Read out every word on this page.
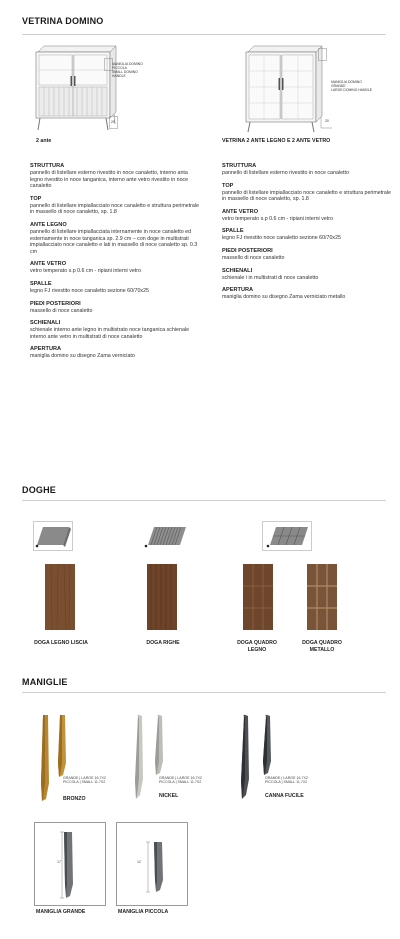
VETRINA DOMINO
MANIGLIA DOMINO
PICCOLA
SMALL DOMINO HANDLE
20
2 ante
MANIGLIA DOMINO
GRANDE
LARGE DOMINO HANDLE
20
VETRINA 2 ANTE LEGNO E 2 ANTE VETRO
STRUTTURA
pannello di listellare esterno rivestito in noce canaletto, interno anta legno rivestito in noce tanganica, interno ante vetro rivestito in noce canaletto
TOP
pannello di listellare impiallacciato noce canaletto e struttura perimetrale in massello di noce canaletto, sp. 1.8
ANTE LEGNO
pannello di listellare impiallacciata internamente in noce canaletto ed esternamente in noce tanganica sp. 2.9 cm – con doge in multistrati impiallacciato noce canaletto e lati in massello di noce canaletto sp. 0.3 cm
ANTE VETRO
vetro temperato s.p 0.6 cm - ripiani interni vetro
SPALLE
legno FJ rivestito noce canaletto sezione 60/70x25
PIEDI POSTERIORI
massello di noce canaletto
SCHIENALI
schienale interno ante legno in multistrato noce tanganica schienale interno ante vetro in multistrati di noce canaletto
APERTURA
maniglia domino su disegno Zama verniciato
STRUTTURA
pannello di listellare esterno rivestito in noce canaletto
TOP
pannello di listellare impiallacciato noce canaletto e struttura perimetrale in massello di noce canaletto, sp. 1.8
ANTE VETRO
vetro temperato s.p 0.6 cm - ripiani interni vetro
SPALLE
legno FJ rivestito noce canaletto sezione 60/70x25
PIEDI POSTERIORI
massello di noce canaletto
SCHIENALI
schienale i in multistrati di noce canaletto
APERTURA
maniglia domino su disegno Zama verniciato metallo
DOGHE
DOGA LEGNO LISCIA	DOGA RIGHE	DOGA QUADRO LEGNO
DOGA QUADRO METALLO
MANIGLIE
GRANDE | LARGE 16.7X2
PICCOLA | SMALL 11.7X2
BRONZO
GRANDE | LARGE 16.7X2
PICCOLA | SMALL 11.7X2
NICKEL
GRANDE | LARGE 16.7X2
PICCOLA | SMALL 11.7X2
CANNA FUCILE
17
MANIGLIA GRANDE
12
MANIGLIA PICCOLA
